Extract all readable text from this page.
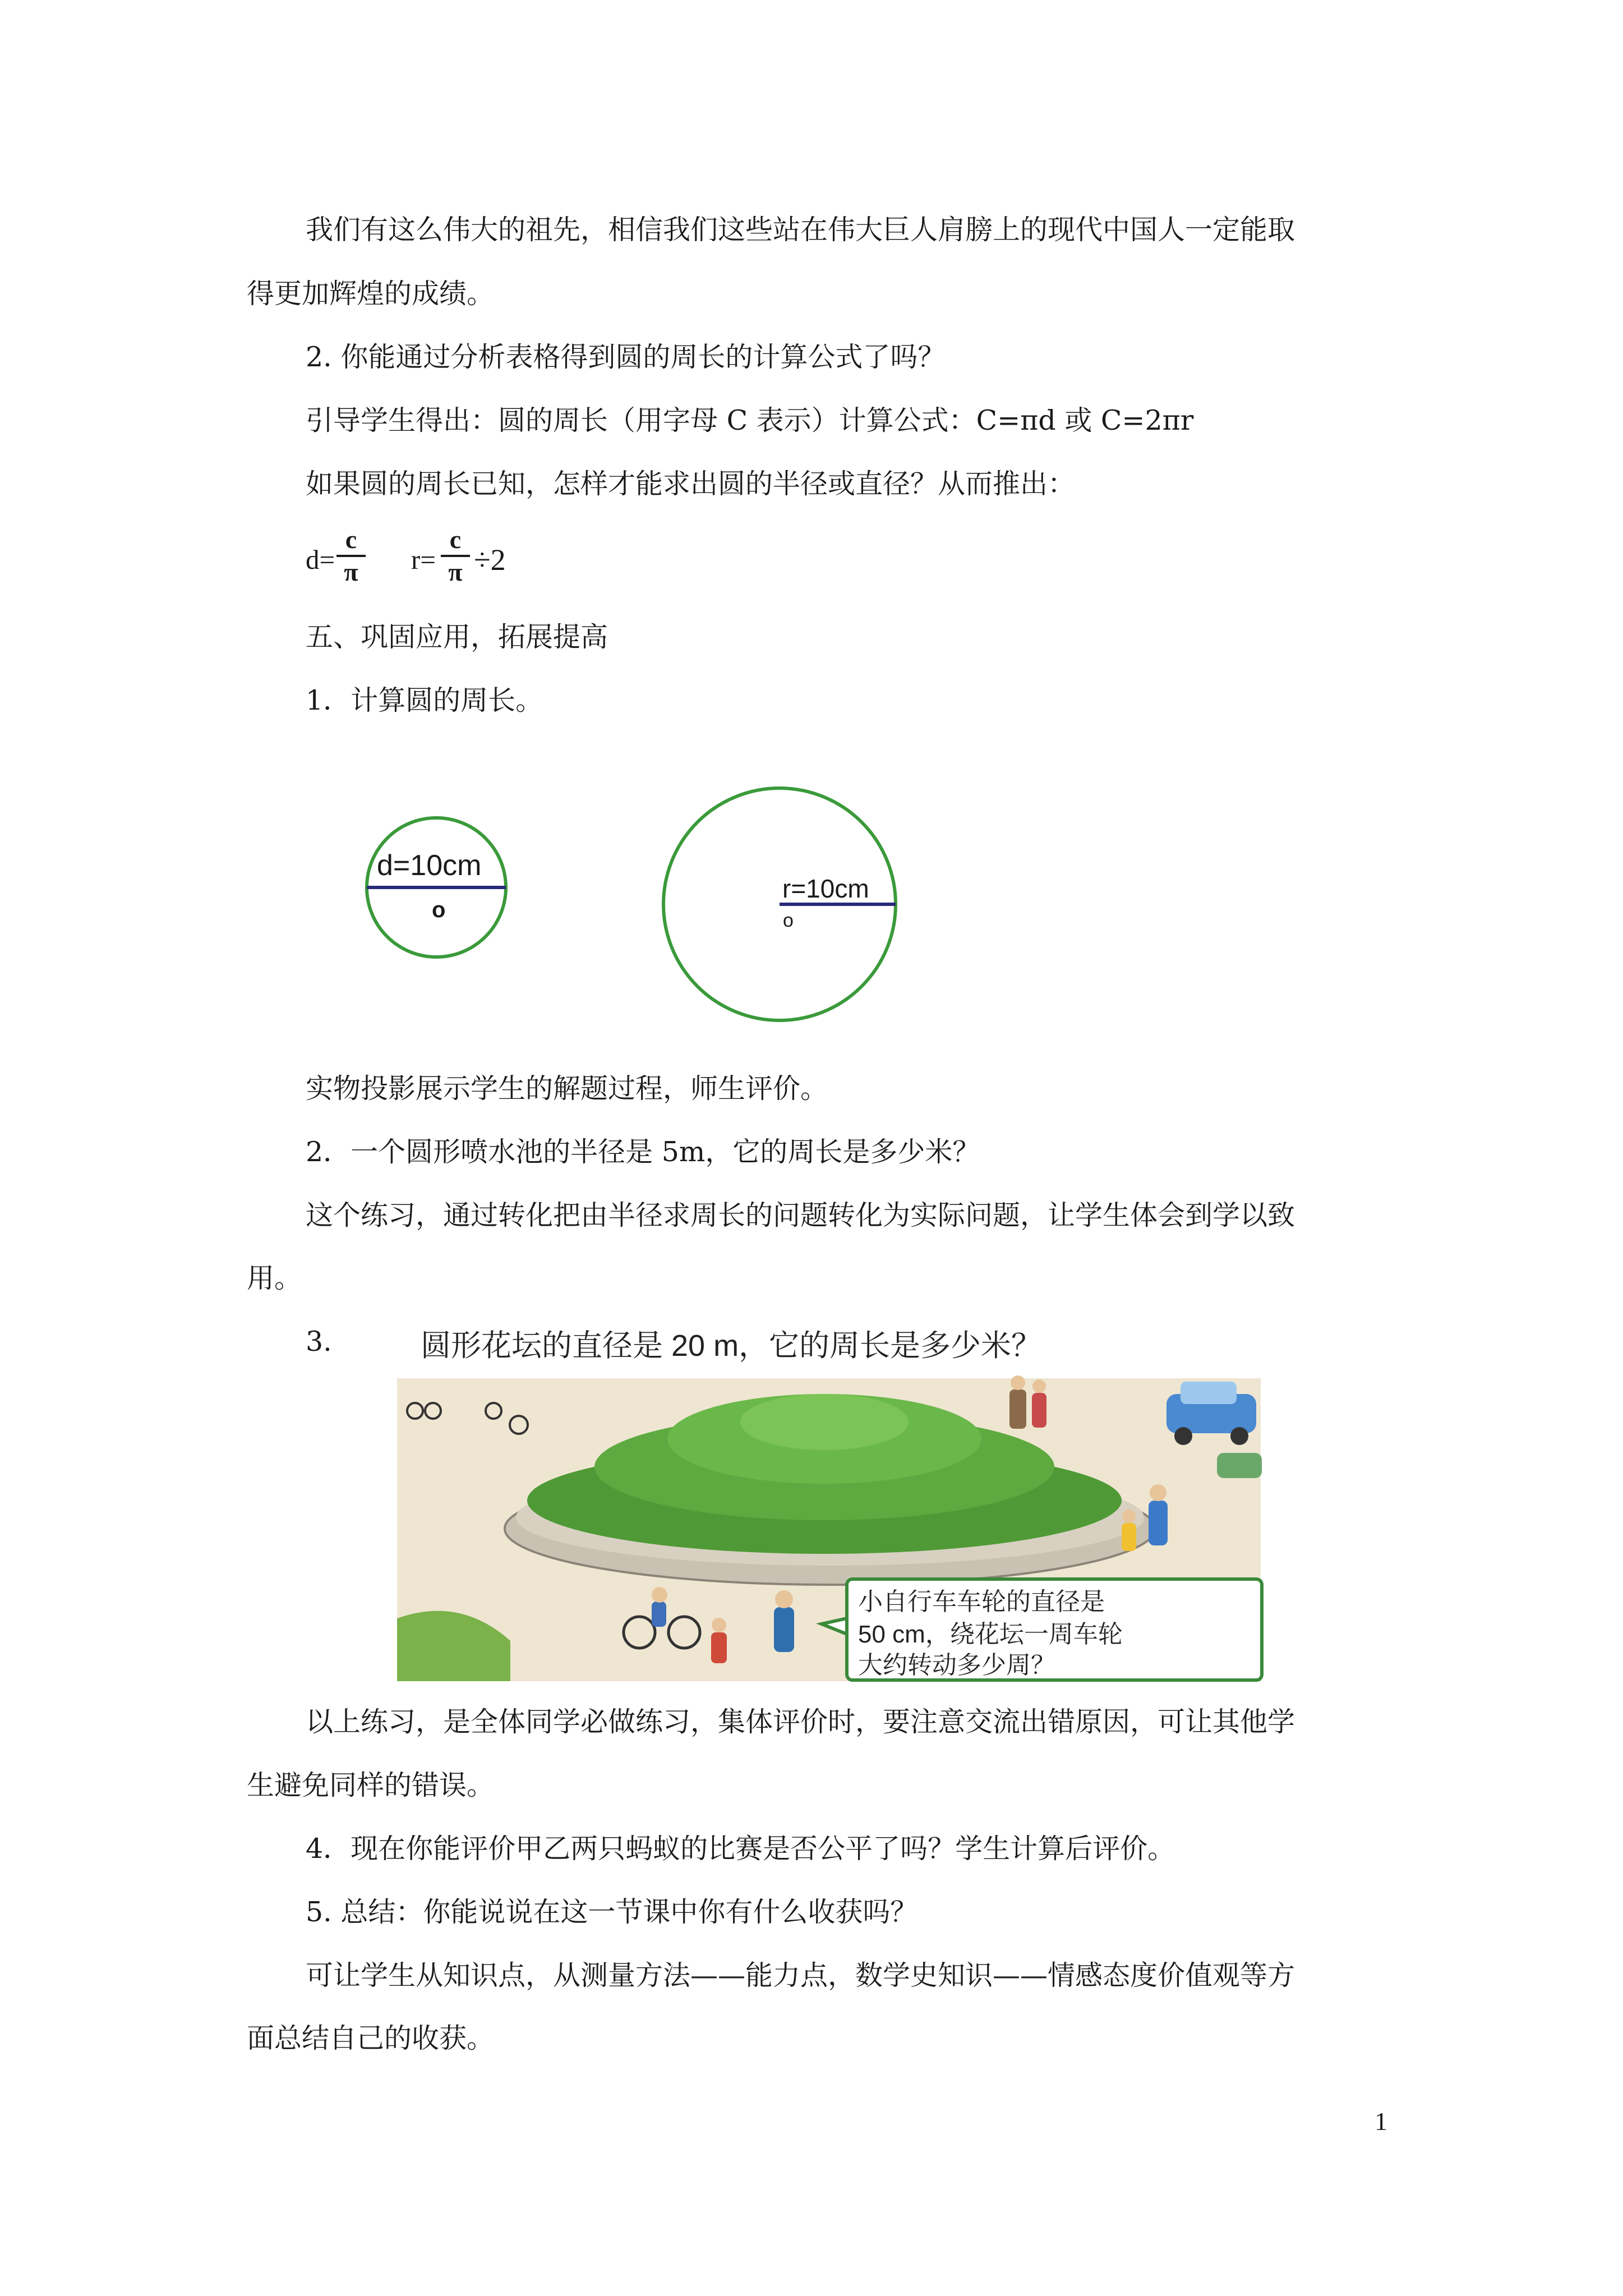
我们有这么伟大的祖先，相信我们这些站在伟大巨人肩膀上的现代中国人一定能取
得更加辉煌的成绩。
2. 你能通过分析表格得到圆的周长的计算公式了吗？
引导学生得出：圆的周长（用字母 C 表示）计算公式：C=πd 或 C=2πr
如果圆的周长已知，怎样才能求出圆的半径或直径？从而推出：
d=
c
π r=
c
π ÷2
五、巩固应用，拓展提高
1．计算圆的周长。
d=10cm
o
r=10cm
o
实物投影展示学生的解题过程，师生评价。
2．一个圆形喷水池的半径是 5m，它的周长是多少米？
这个练习，通过转化把由半径求周长的问题转化为实际问题，让学生体会到学以致
用。
3.	圆形花坛的直径是 20 m，它的周长是多少米？
小自行车车轮的直径是
50 cm，绕花坛一周车轮
大约转动多少周？
以上练习，是全体同学必做练习，集体评价时，要注意交流出错原因，可让其他学
生避免同样的错误。
4．现在你能评价甲乙两只蚂蚁的比赛是否公平了吗？学生计算后评价。
5. 总结：你能说说在这一节课中你有什么收获吗？
可让学生从知识点，从测量方法——能力点，数学史知识——情感态度价值观等方
面总结自己的收获。
1
